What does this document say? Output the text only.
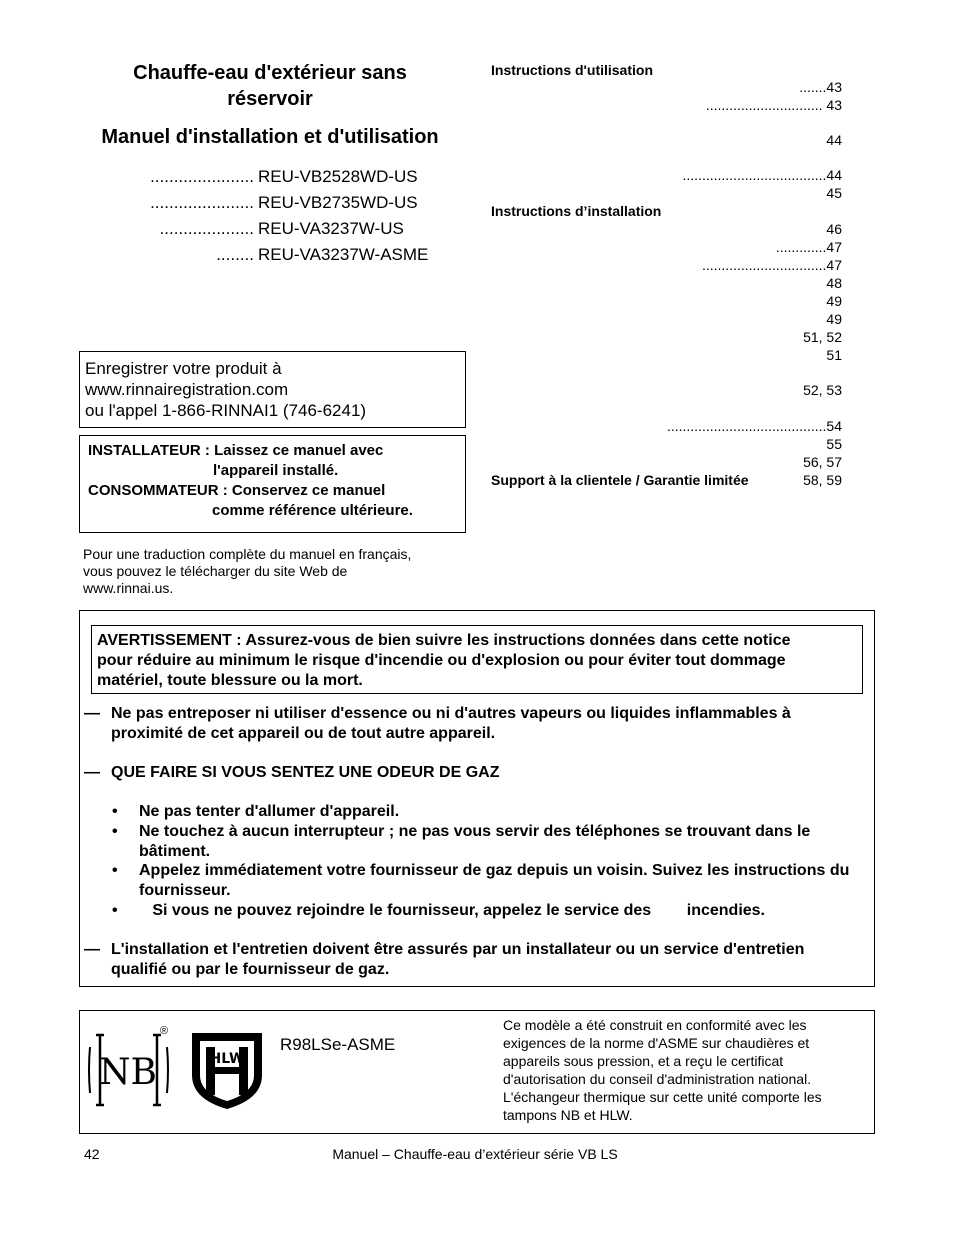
Chauffe-eau d'extérieur sans
réservoir
Manuel d'installation et d'utilisation
...................... REU-VB2528WD-US
...................... REU-VB2735WD-US
.................... REU-VA3237W-US
........ REU-VA3237W-ASME
Instructions d'utilisation
.......43
.............................. 43
44
.....................................44
45
Instructions d’installation
46
.............47
................................47
48
49
49
51, 52
51
52, 53
.........................................54
55
56, 57
Support à la clientele / Garantie limitée	58, 59
Enregistrer votre produit à
www.rinnairegistration.com
ou l'appel 1-866-RINNAI1 (746-6241)
INSTALLATEUR : Laissez ce manuel avec
l'appareil installé.
CONSOMMATEUR : Conservez ce manuel
comme référence ultérieure.
Pour une traduction complète du manuel en français,
vous pouvez le télécharger du site Web de
www.rinnai.us.
AVERTISSEMENT : Assurez-vous de bien suivre les instructions données dans cette notice
pour réduire au minimum le risque d'incendie ou d'explosion ou pour éviter tout dommage
matériel, toute blessure ou la mort.
— Ne pas entreposer ni utiliser d'essence ou ni d'autres vapeurs ou liquides inflammables à proximité de cet appareil ou de tout autre appareil.
— QUE FAIRE SI VOUS SENTEZ UNE ODEUR DE GAZ
• Ne pas tenter d'allumer d'appareil.
• Ne touchez à aucun interrupteur ; ne pas vous servir des téléphones se trouvant dans le bâtiment.
• Appelez immédiatement votre fournisseur de gaz depuis un voisin. Suivez les instructions du fournisseur.
• Si vous ne pouvez rejoindre le fournisseur, appelez le service des        incendies.
— L'installation et l'entretien doivent être assurés par un installateur ou un service d'entretien qualifié ou par le fournisseur de gaz.
NB
®
HLW
R98LSe-ASME
Ce modèle a été construit en conformité avec les exigences de la norme d'ASME sur chaudières et appareils sous pression, et a reçu le certificat d'autorisation du conseil d'administration national. L'échangeur thermique sur cette unité comporte les tampons NB et HLW.
42	Manuel – Chauffe-eau d’extérieur série VB LS
